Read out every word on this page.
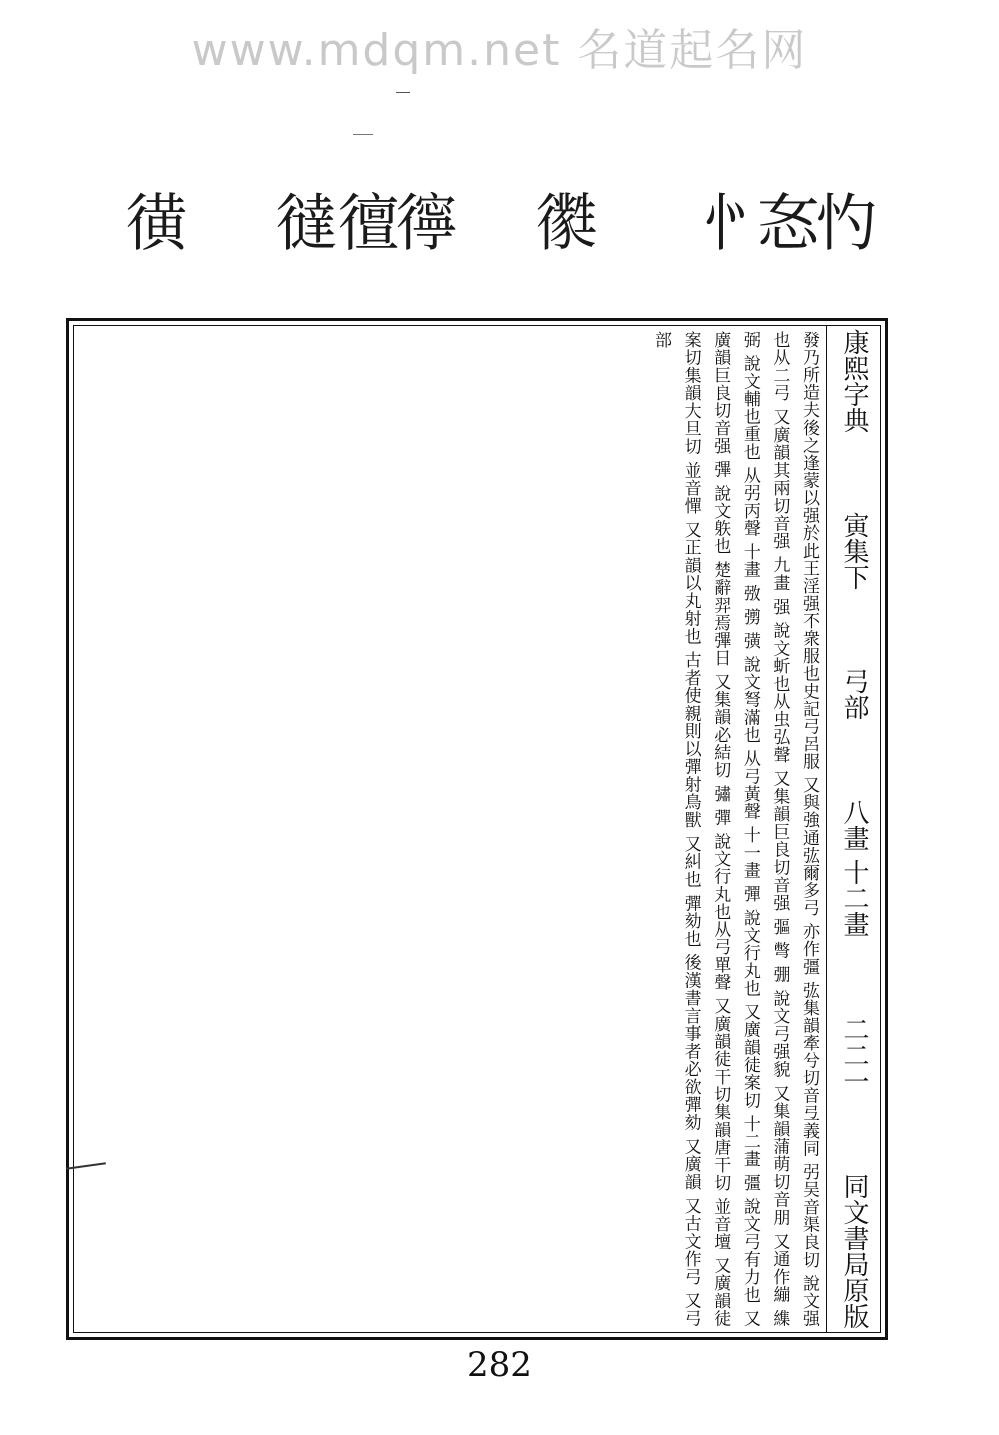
www.mdqm.net 名道起名网
㣿
㣽㣺
㣸
㣷
㣶㣵
㣴
康熙字典
寅集下
弓部
八畫 十二畫
二二一
同文書局原版
發乃所造夫後之逢蒙以强於此王淫强不衆服也史記弓呂服 又與強通㢬爾多弓 亦作彊 㢬集韻牽兮切音弖義同 弜吴音渠良切 說文强也从二弓 又廣韻其兩切音强 九畫 强 說文蚚也从虫弘聲 又集韻巨良切音强 彄 彆 弸 說文弓强貌 又集韻蒲萌切音朋 又通作繃 䌖 弼 說文輔也重也 从弜丙聲 十畫 㢸 彅 彉 說文弩滿也 从弓黃聲 十一畫 彈 說文行丸也 又廣韻徒案切 十二畫 彊 說文弓有力也 又廣韻巨良切音强 彃 說文䠶也 楚辭羿焉彃日 又集韻必結切 彇 彈 說文行丸也从弓單聲 又廣韻徒干切集韻唐干切 並音壇 又廣韻徒案切集韻大旦切 並音憚 又正韻以丸射也 古者使親則以彈射鳥獸 又糾也 彈劾也 後漢書言事者必欲彈劾 又廣韻 又古文作弓 又弓部
282
